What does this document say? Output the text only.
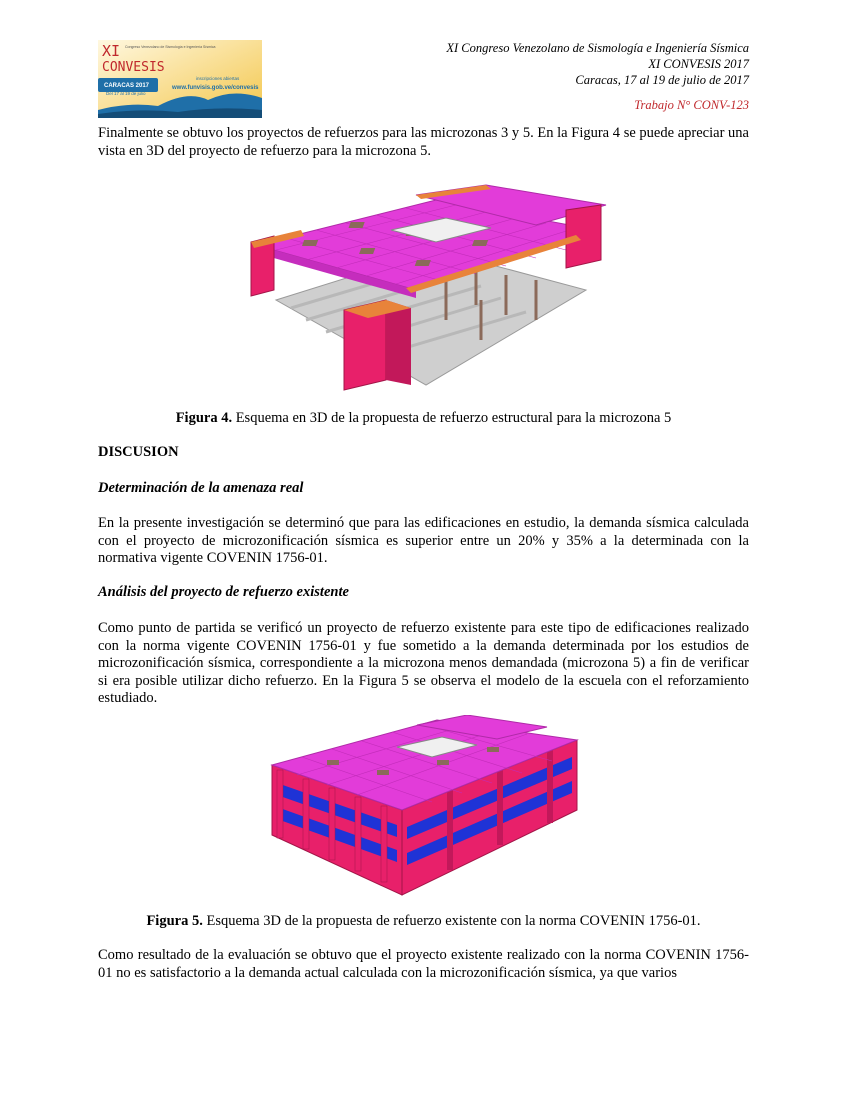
XI
CONVESIS
Congreso Venezolano de Sismología e Ingeniería Sísmica
CARACAS 2017
Del 17 al 19 de julio
inscripciones abiertas
www.funvisis.gob.ve/convesis
XI Congreso Venezolano de Sismología e Ingeniería Sísmica
XI CONVESIS 2017
Caracas, 17 al 19 de julio de 2017
Trabajo N° CONV-123
Finalmente se obtuvo los proyectos de refuerzos para las microzonas 3 y 5. En la Figura 4 se puede apreciar una vista en 3D del proyecto de refuerzo para la microzona 5.
Figura 4. Esquema en 3D de la propuesta de refuerzo estructural para la microzona 5
DISCUSION
Determinación de la amenaza real
En la presente investigación se determinó que para las edificaciones en estudio, la demanda sísmica calculada con el proyecto de microzonificación sísmica es superior entre un 20% y 35% a la determinada con la normativa vigente COVENIN 1756-01.
Análisis del proyecto de refuerzo existente
Como punto de partida se verificó un proyecto de refuerzo existente para este tipo de edificaciones realizado con la norma vigente COVENIN 1756-01 y fue sometido a la demanda determinada por los estudios de microzonificación sísmica, correspondiente a la microzona menos demandada (microzona 5) a fin de verificar si era posible utilizar dicho refuerzo. En la Figura 5 se observa el modelo de la escuela con el reforzamiento estudiado.
Figura 5. Esquema 3D de la propuesta de refuerzo existente con la norma COVENIN 1756-01.
Como resultado de la evaluación se obtuvo que el proyecto existente realizado con la norma COVENIN 1756-01 no es satisfactorio a la demanda actual calculada con la microzonificación sísmica, ya que varios
